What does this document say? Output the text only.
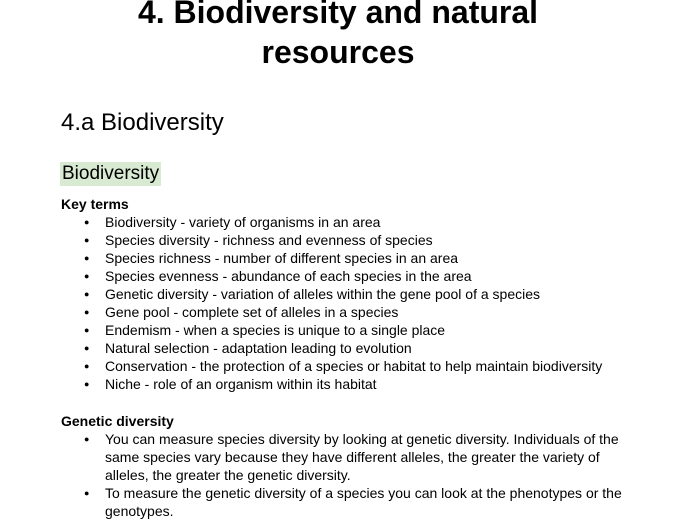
4. Biodiversity and natural
resources
4.a Biodiversity
Biodiversity

Key terms

● Biodiversity - variety of organisms in an area
● Species diversity - richness and evenness of species
● Species richness - number of different species in an area
● Species evenness - abundance of each species in the area
● Genetic diversity - variation of alleles within the gene pool of a species
● Gene pool - complete set of alleles in a species
● Endemism - when a species is unique to a single place
● Natural selection - adaptation leading to evolution
● Conservation - the protection of a species or habitat to help maintain biodiversity
● Niche - role of an organism within its habitat

Genetic diversity

● You can measure species diversity by looking at genetic diversity. Individuals of the same species vary because they have different alleles, the greater the variety of alleles, the greater the genetic diversity.
● To measure the genetic diversity of a species you can look at the phenotypes or the genotypes.
